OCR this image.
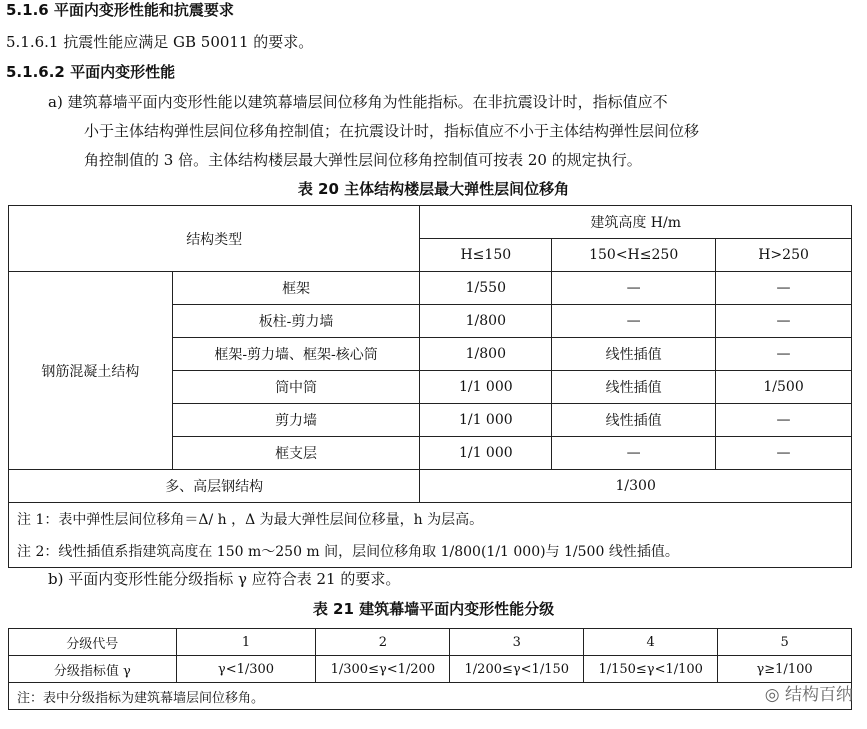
5.1.6 平面内变形性能和抗震要求
5.1.6.1 抗震性能应满足 GB 50011 的要求。
5.1.6.2 平面内变形性能
a) 建筑幕墙平面内变形性能以建筑幕墙层间位移角为性能指标。在非抗震设计时，指标值应不
小于主体结构弹性层间位移角控制值；在抗震设计时，指标值应不小于主体结构弹性层间位移
角控制值的 3 倍。主体结构楼层最大弹性层间位移角控制值可按表 20 的规定执行。
表 20 主体结构楼层最大弹性层间位移角
结构类型		建筑高度 H/m		
		H≤150	150<H≤250	H>250
钢筋混凝土结构	框架	1/550	—	—
	板柱-剪力墙	1/800	—	—
	框架-剪力墙、框架-核心筒	1/800	线性插值	—
	筒中筒	1/1 000	线性插值	1/500
	剪力墙	1/1 000	线性插值	—
	框支层	1/1 000	—	—
多、高层钢结构		1/300		
注 1：表中弹性层间位移角＝Δ/ h ，Δ 为最大弹性层间位移量，h 为层高。				
注 2：线性插值系指建筑高度在 150 m～250 m 间，层间位移角取 1/800(1/1 000)与 1/500 线性插值。				
b) 平面内变形性能分级指标 γ 应符合表 21 的要求。
表 21 建筑幕墙平面内变形性能分级
分级代号	1	2	3	4	5
分级指标值 γ	γ<1/300	1/300≤γ<1/200	1/200≤γ<1/150	1/150≤γ<1/100	γ≥1/100
注：表中分级指标为建筑幕墙层间位移角。						◎ 结构百纳
